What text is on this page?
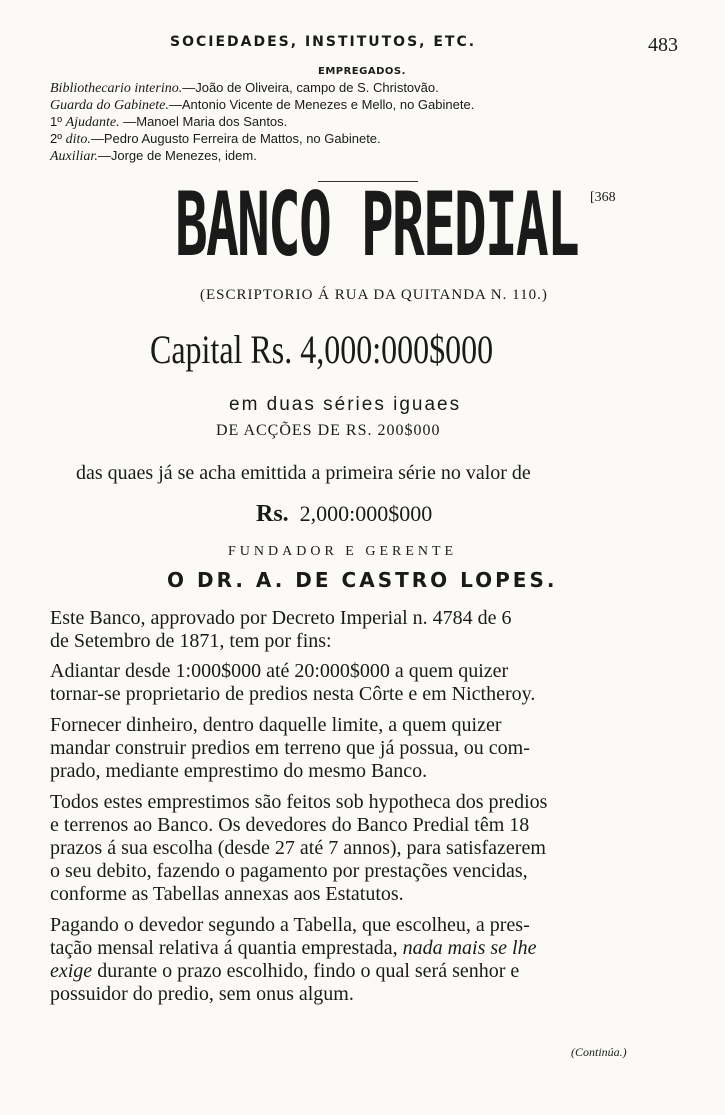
SOCIEDADES, INSTITUTOS, ETC.	483
EMPREGADOS.
Bibliothecario interino.—João de Oliveira, campo de S. Christovão.
Guarda do Gabinete.—Antonio Vicente de Menezes e Mello, no Gabinete.
1º Ajudante. —Manoel Maria dos Santos.
2º dito.—Pedro Augusto Ferreira de Mattos, no Gabinete.
Auxiliar.—Jorge de Menezes, idem.
BANCO PREDIAL [368
(ESCRIPTORIO Á RUA DA QUITANDA N. 110.)
Capital Rs. 4,000:000$000
em duas séries iguaes
DE ACÇÕES DE RS. 200$000
das quaes já se acha emittida a primeira série no valor de
Rs. 2,000:000$000
FUNDADOR E GERENTE
O DR. A. DE CASTRO LOPES.
Este Banco, approvado por Decreto Imperial n. 4784 de 6
de Setembro de 1871, tem por fins:
Adiantar desde 1:000$000 até 20:000$000 a quem quizer
tornar-se proprietario de predios nesta Côrte e em Nictheroy.
Fornecer dinheiro, dentro daquelle limite, a quem quizer
mandar construir predios em terreno que já possua, ou com-
prado, mediante emprestimo do mesmo Banco.
Todos estes emprestimos são feitos sob hypotheca dos predios
e terrenos ao Banco. Os devedores do Banco Predial têm 18
prazos á sua escolha (desde 27 até 7 annos), para satisfazerem
o seu debito, fazendo o pagamento por prestações vencidas,
conforme as Tabellas annexas aos Estatutos.
Pagando o devedor segundo a Tabella, que escolheu, a pres-
tação mensal relativa á quantia emprestada, nada mais se lhe
exige durante o prazo escolhido, findo o qual será senhor e
possuidor do predio, sem onus algum.
(Continúa.)
